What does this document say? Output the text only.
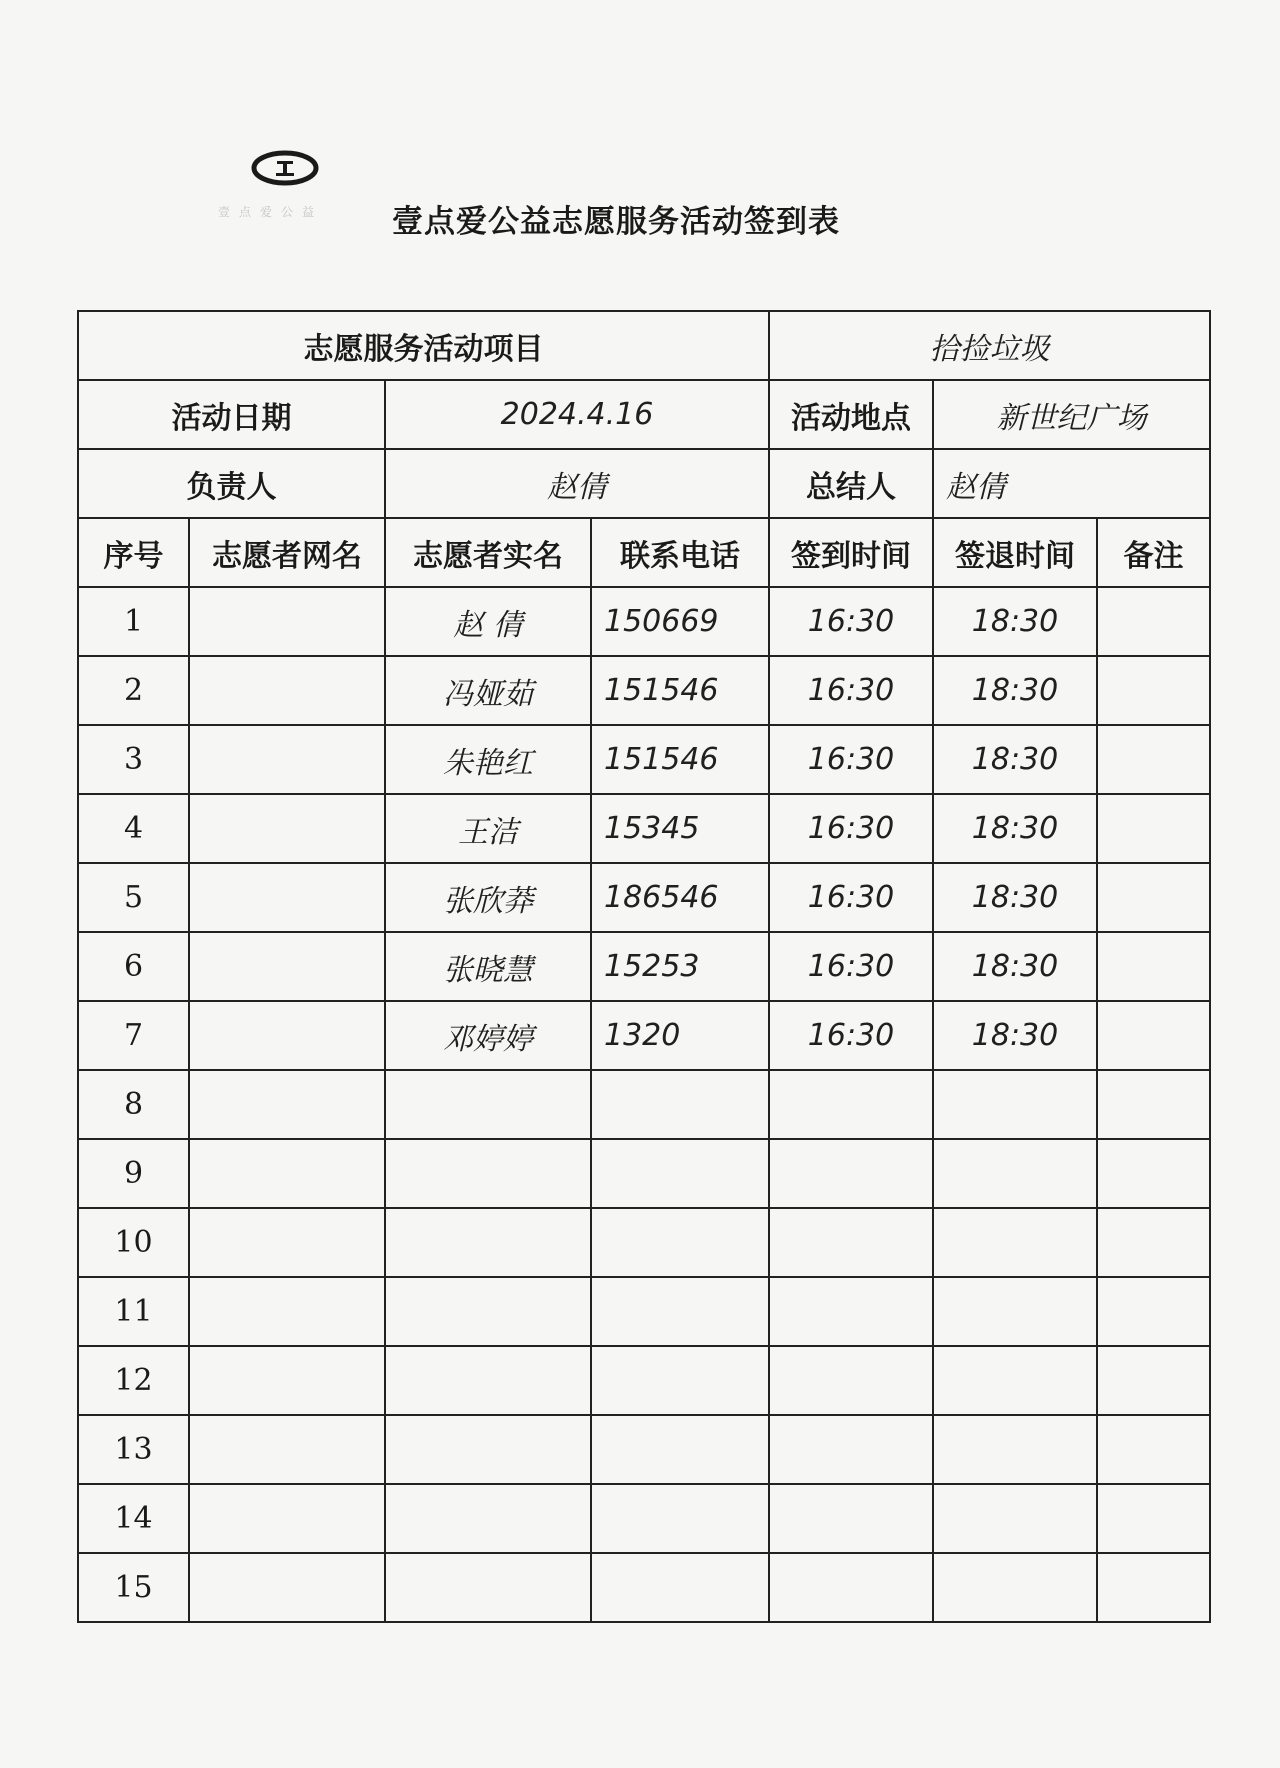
壹点爱公益 壹点爱公益志愿服务活动签到表
志愿服务活动项目				拾捡垃圾		
活动日期		2024.4.16		活动地点	新世纪广场	
负责人		赵倩		总结人	赵倩	
序号	志愿者网名	志愿者实名	联系电话	签到时间	签退时间	备注
1		赵 倩	150669	16:30	18:30	
2		冯娅茹	151546	16:30	18:30	
3		朱艳红	151546	16:30	18:30	
4		王洁	15345	16:30	18:30	
5		张欣莽	186546	16:30	18:30	
6		张晓慧	15253	16:30	18:30	
7		邓婷婷	1320	16:30	18:30	
8						
9						
10						
11						
12						
13						
14						
15						
